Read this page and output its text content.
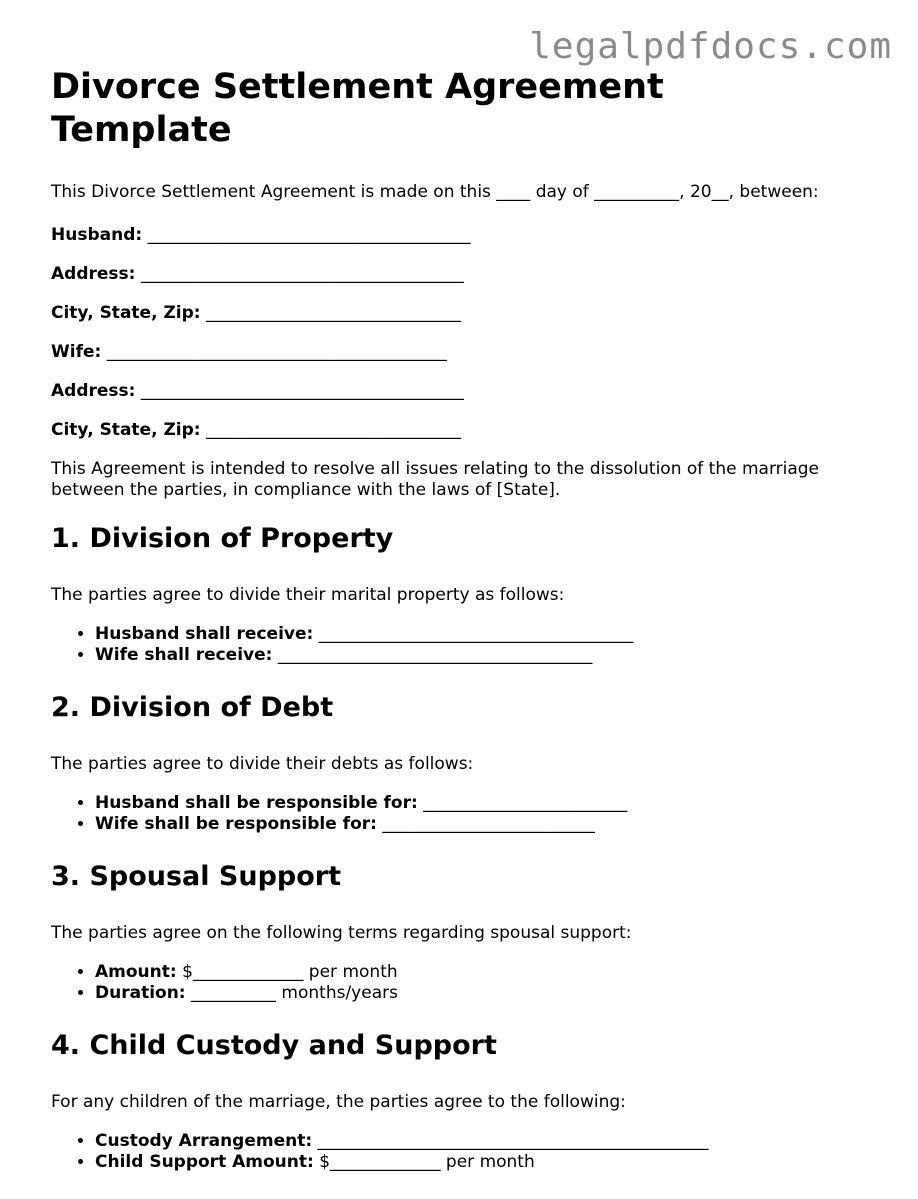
legalpdfdocs.com
Divorce Settlement Agreement Template

This Divorce Settlement Agreement is made on this ____ day of __________, 20__, between:

Husband: ______________________________________

Address: ______________________________________

City, State, Zip: ______________________________

Wife: ________________________________________

Address: ______________________________________

City, State, Zip: ______________________________

This Agreement is intended to resolve all issues relating to the dissolution of the marriage between the parties, in compliance with the laws of [State].

1. Division of Property

The parties agree to divide their marital property as follows:

• Husband shall receive: _____________________________________
• Wife shall receive: _____________________________________
2. Division of Debt

The parties agree to divide their debts as follows:

• Husband shall be responsible for: ________________________
• Wife shall be responsible for: _________________________
3. Spousal Support

The parties agree on the following terms regarding spousal support:

• Amount: $_____________ per month
• Duration: __________ months/years
4. Child Custody and Support

For any children of the marriage, the parties agree to the following:

• Custody Arrangement: ______________________________________________
• Child Support Amount: $_____________ per month
